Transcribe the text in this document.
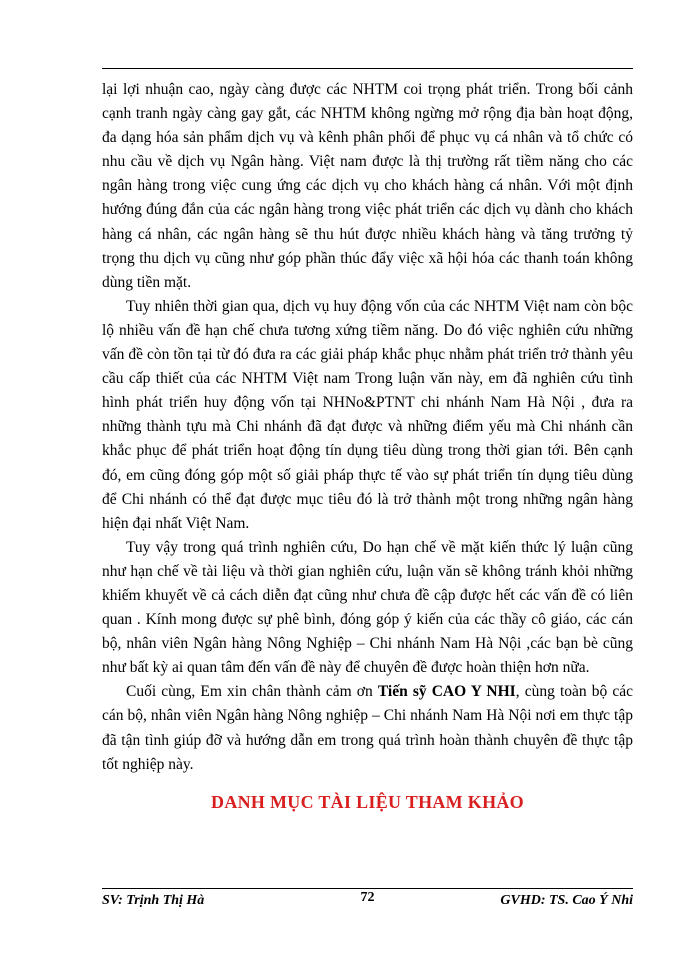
lại lợi nhuận cao, ngày càng được các NHTM coi trọng phát triển. Trong bối cảnh cạnh tranh ngày càng gay gắt, các NHTM không ngừng mở rộng địa bàn hoạt động, đa dạng hóa sản phẩm dịch vụ và kênh phân phối để phục vụ cá nhân và tổ chức có nhu cầu về dịch vụ Ngân hàng. Việt nam được là thị trường rất tiềm năng cho các ngân hàng trong việc cung ứng các dịch vụ cho khách hàng cá nhân. Với một định hướng đúng đắn của các ngân hàng trong việc phát triển các dịch vụ dành cho khách hàng cá nhân, các ngân hàng sẽ thu hút được nhiều khách hàng và tăng trưởng tỷ trọng thu dịch vụ cũng như góp phần thúc đẩy việc xã hội hóa các thanh toán không dùng tiền mặt.

Tuy nhiên thời gian qua, dịch vụ huy động vốn của các NHTM Việt nam còn bộc lộ nhiều vấn đề hạn chế chưa tương xứng tiềm năng. Do đó việc nghiên cứu những vấn đề còn tồn tại từ đó đưa ra các giải pháp khắc phục nhằm phát triển trở thành yêu cầu cấp thiết của các NHTM Việt nam Trong luận văn này, em đã nghiên cứu tình hình phát triển huy động vốn tại NHNo&PTNT chi nhánh Nam Hà Nội , đưa ra những thành tựu mà Chi nhánh đã đạt được và những điểm yếu mà Chi nhánh cần khắc phục để phát triển hoạt động tín dụng tiêu dùng trong thời gian tới. Bên cạnh đó, em cũng đóng góp một số giải pháp thực tế vào sự phát triển tín dụng tiêu dùng để Chi nhánh có thể đạt được mục tiêu đó là trở thành một trong những ngân hàng hiện đại nhất Việt Nam.

Tuy vậy trong quá trình nghiên cứu, Do hạn chế về mặt kiến thức lý luận cũng như hạn chế về tài liệu và thời gian nghiên cứu, luận văn sẽ không tránh khỏi những khiếm khuyết về cả cách diễn đạt cũng như chưa đề cập được hết các vấn đề có liên quan . Kính mong được sự phê bình, đóng góp ý kiến của các thầy cô giáo, các cán bộ, nhân viên Ngân hàng Nông Nghiệp – Chi nhánh Nam Hà Nội ,các bạn bè cũng như bất kỳ ai quan tâm đến vấn đề này để chuyên đề được hoàn thiện hơn nữa.

Cuối cùng, Em xin chân thành cảm ơn Tiến sỹ CAO Y NHI, cùng toàn bộ các cán bộ, nhân viên Ngân hàng Nông nghiệp – Chi nhánh Nam Hà Nội nơi em thực tập đã tận tình giúp đỡ và hướng dẫn em trong quá trình hoàn thành chuyên đề thực tập tốt nghiệp này.

DANH MỤC TÀI LIỆU THAM KHẢO
SV: Trịnh Thị Hà	72	GVHD: TS. Cao Ý Nhi
